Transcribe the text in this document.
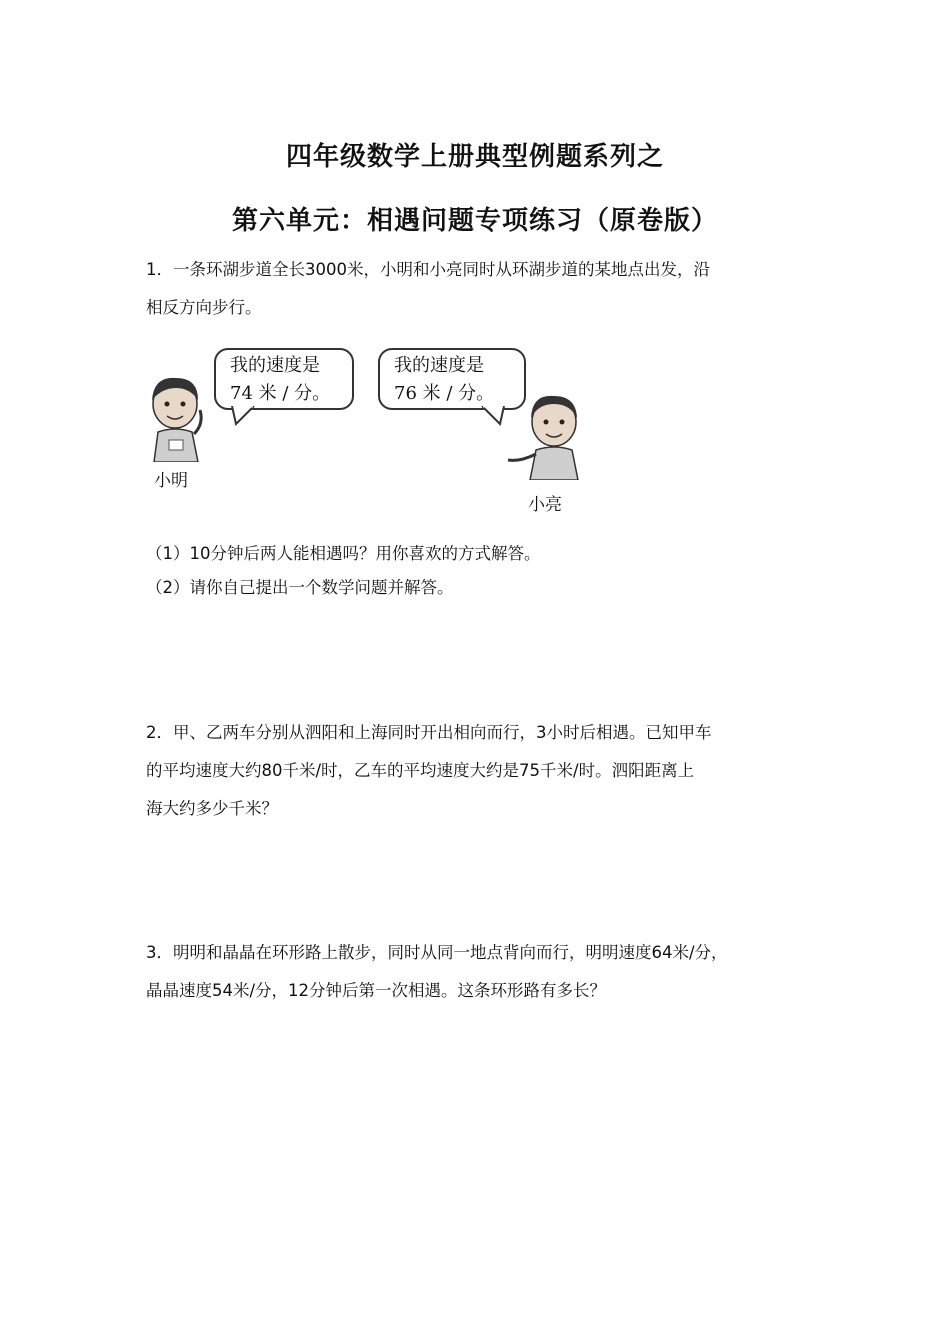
四年级数学上册典型例题系列之
第六单元：相遇问题专项练习（原卷版）
1．一条环湖步道全长3000米，小明和小亮同时从环湖步道的某地点出发，沿
相反方向步行。
小明
我的速度是
74 米 / 分。
我的速度是
76 米 / 分。
小亮
（1）10分钟后两人能相遇吗？用你喜欢的方式解答。
（2）请你自己提出一个数学问题并解答。
2．甲、乙两车分别从泗阳和上海同时开出相向而行，3小时后相遇。已知甲车
的平均速度大约80千米/时，乙车的平均速度大约是75千米/时。泗阳距离上
海大约多少千米？
3．明明和晶晶在环形路上散步，同时从同一地点背向而行，明明速度64米/分，
晶晶速度54米/分，12分钟后第一次相遇。这条环形路有多长？
